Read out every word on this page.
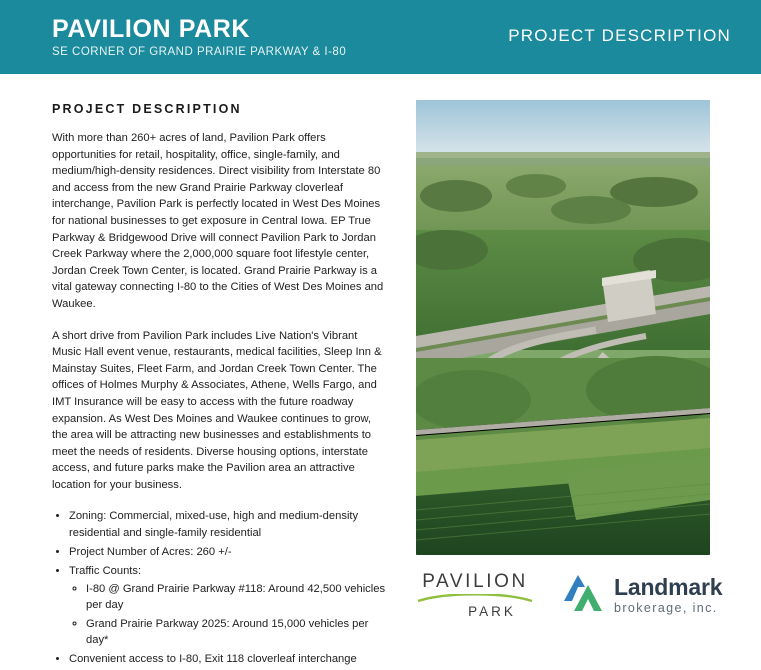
PAVILION PARK
SE CORNER OF GRAND PRAIRIE PARKWAY & I-80
PROJECT DESCRIPTION
PROJECT DESCRIPTION

With more than 260+ acres of land, Pavilion Park offers opportunities for retail, hospitality, office, single-family, and medium/high-density residences. Direct visibility from Interstate 80 and access from the new Grand Prairie Parkway cloverleaf interchange, Pavilion Park is perfectly located in West Des Moines for national businesses to get exposure in Central Iowa. EP True Parkway & Bridgewood Drive will connect Pavilion Park to Jordan Creek Parkway where the 2,000,000 square foot lifestyle center, Jordan Creek Town Center, is located. Grand Prairie Parkway is a vital gateway connecting I-80 to the Cities of West Des Moines and Waukee.

A short drive from Pavilion Park includes Live Nation's Vibrant Music Hall event venue, restaurants, medical facilities, Sleep Inn & Mainstay Suites, Fleet Farm, and Jordan Creek Town Center. The offices of Holmes Murphy & Associates, Athene, Wells Fargo, and IMT Insurance will be easy to access with the future roadway expansion. As West Des Moines and Waukee continues to grow, the area will be attracting new businesses and establishments to meet the needs of residents. Diverse housing options, interstate access, and future parks make the Pavilion area an attractive location for your business.

• Zoning: Commercial, mixed-use, high and medium-density residential and single-family residential
• Project Number of Acres: 260 +/-
• Traffic Counts:
◦ I-80 @ Grand Prairie Parkway #118: Around 42,500 vehicles per day
◦ Grand Prairie Parkway 2025: Around 15,000 vehicles per day*
• Convenient access to I-80, Exit 118 cloverleaf interchange
PAVILION
PARK
Landmark
brokerage, inc.
